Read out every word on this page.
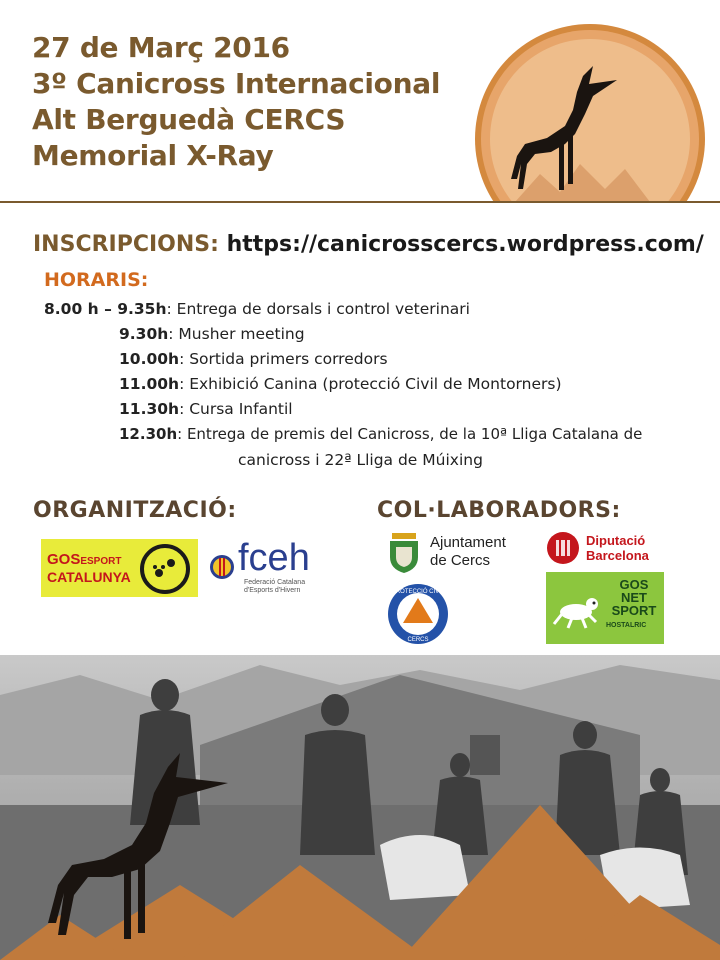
27 de Març 2016
3º Canicross Internacional
Alt Berguedà CERCS
Memorial X-Ray
INSCRIPCIONS: https://canicrosscercs.wordpress.com/
HORARIS:
8.00 h – 9.35h: Entrega de dorsals i control veterinari
9.30h: Musher meeting
10.00h: Sortida primers corredors
11.00h: Exhibició Canina (protecció Civil de Montorners)
11.30h: Cursa Infantil
12.30h: Entrega de premis del Canicross, de la 10ª Lliga Catalana de
canicross i 22ª Lliga de Múixing
ORGANITZACIÓ:
GOSESPORT
CATALUNYA	fceh
Federació Catalana
d'Esports d'Hivern
COL·LABORADORS:
Ajuntament
de Cercs
Diputació
Barcelona
PROTECCIÓ CIVIL
CERCS
GOS
NET
SPORT
HOSTALRIC
